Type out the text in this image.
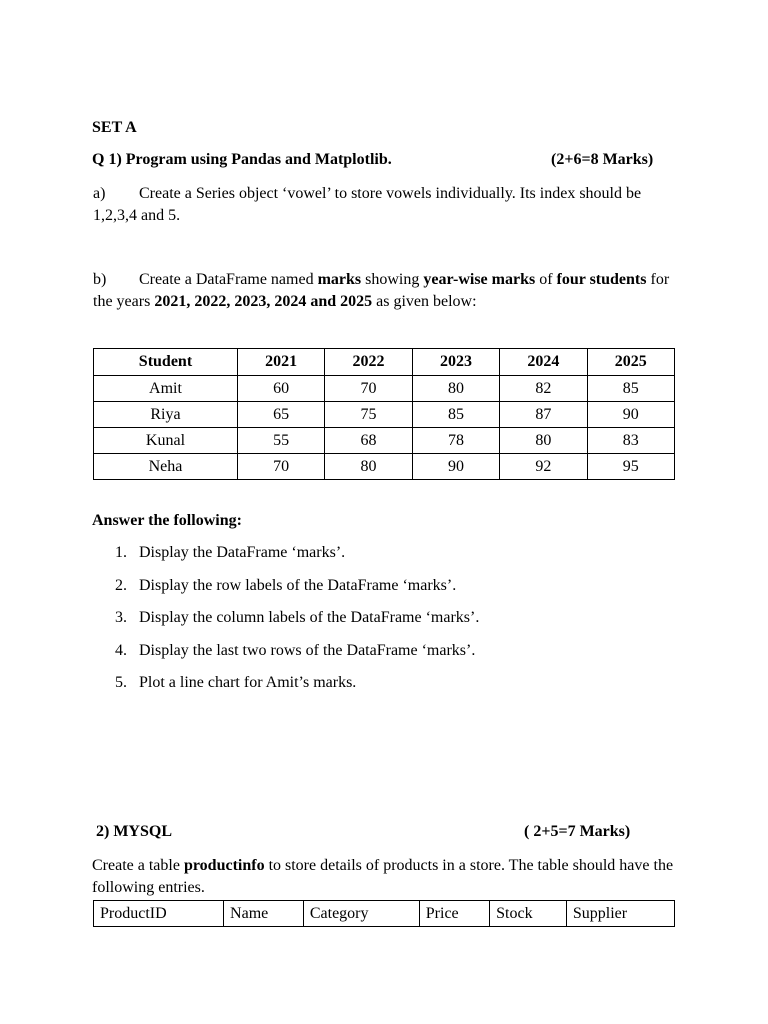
SET A
Q 1) Program using Pandas and Matplotlib.	(2+6=8 Marks)
a) Create a Series object ‘vowel’ to store vowels individually. Its index should be 1,2,3,4 and 5.
b) Create a DataFrame named marks showing year-wise marks of four students for the years 2021, 2022, 2023, 2024 and 2025 as given below:
Student	2021	2022	2023	2024	2025
Amit	60	70	80	82	85
Riya	65	75	85	87	90
Kunal	55	68	78	80	83
Neha	70	80	90	92	95
Answer the following:
1. Display the DataFrame ‘marks’.
2. Display the row labels of the DataFrame ‘marks’.
3. Display the column labels of the DataFrame ‘marks’.
4. Display the last two rows of the DataFrame ‘marks’.
5. Plot a line chart for Amit’s marks.
2) MYSQL	( 2+5=7 Marks)
Create a table productinfo to store details of products in a store. The table should have the following entries.
ProductID	Name	Category	Price	Stock	Supplier
